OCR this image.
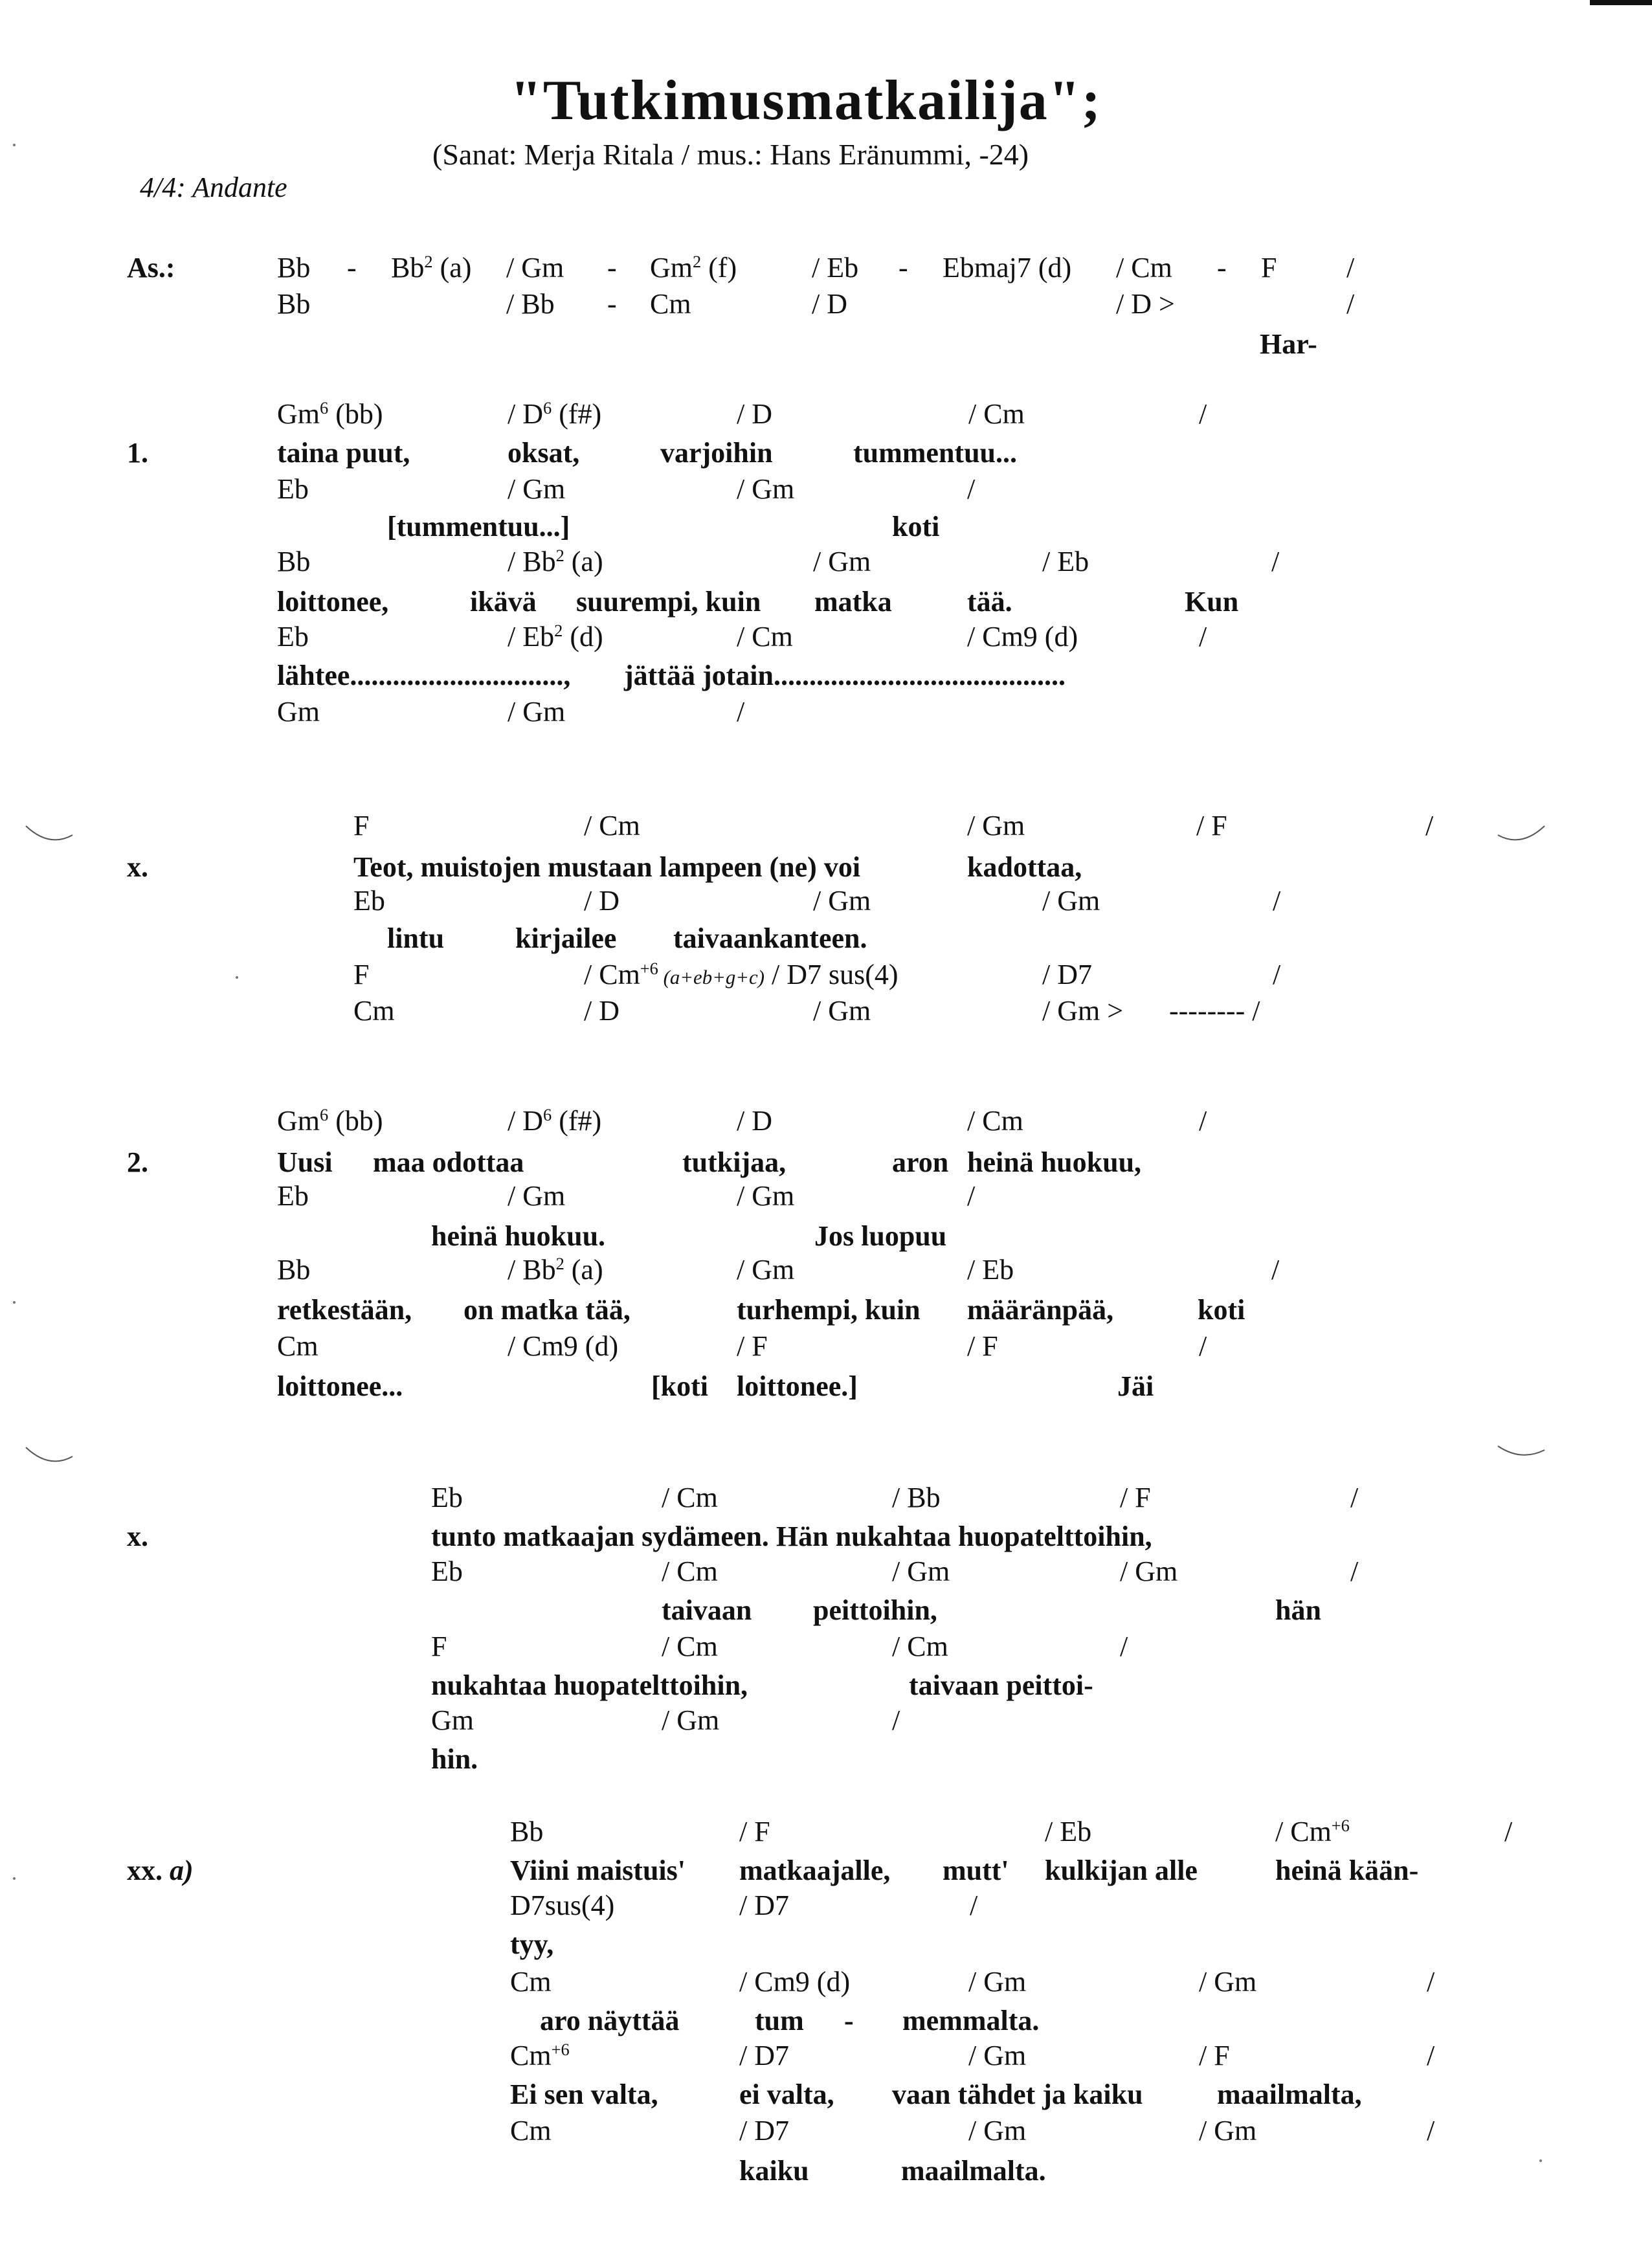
"Tutkimusmatkailija";
(Sanat: Merja Ritala / mus.: Hans Eränummi, -24)
4/4: Andante
As.:	Bb - Bb$^2$ (a) / Gm - Gm$^2$ (f)	/ Eb - Ebmaj7 (d) / Cm - F /
Bb	/ Bb - Cm	/ D	/ D >	/
Har-
1.
Gm$^6$ (bb)	/ $D^6$ (f#)	/ D	/ Cm	/
taina puut,	oksat,	varjoihin	tummentuu...
Eb	/ Gm	/ Gm	/
[tummentuu...]	koti
Bb	/ Bb$^2$ (a)	/ Gm	/ Eb	/
loittonee,	ikävä suurempi, kuin matka	tää.	Kun
Eb	/ Eb$^2$ (d)	/ Cm	/ Cm9 (d)	/
lähtee.............................., jättää jotain.........................................
Gm	/ Gm	/
x.
F	/ Cm	/ Gm	/ F	/
Teot, muistojen mustaan lampeen (ne) voi	kadottaa,
Eb	/ D	/ Gm	/ Gm	/
lintu kirjailee taivaankanteen.
F	/ $Cm^{+6}$ (a+eb+g+c) / D7 sus(4)	/ D7	/
Cm	/ D	/ Gm	/ Gm > -------- /
2.
Gm$^6$ (bb)	/ $D^6$ (f#)	/ D	/ Cm	/
Uusi maa odottaa	tutkijaa,	aron heinä huokuu,
Eb	/ Gm	/ Gm	/
heinä huokuu.	Jos luopuu
Bb	/ Bb$^2$ (a)	/ Gm	/ Eb	/
retkestään, on matka tää,	turhempi, kuin määränpää,	koti
Cm	/ Cm9 (d)	/ F	/ F	/
loittonee...	[koti loittonee.]	Jäi
x.
Eb	/ Cm	/ Bb	/ F	/
tunto matkaajan sydämeen. Hän nukahtaa huopatelttoihin,
Eb	/ Cm	/ Gm	/ Gm	/
taivaan peittoihin,	hän
F	/ Cm	/ Cm	/
nukahtaa huopatelttoihin,	taivaan peittoi-
Gm	/ Gm	/
hin.
xx. a)
Bb	/ F	/ Eb	/ $Cm^{+6}$	/
Viini maistuis' matkaajalle, mutt' kulkijan alle	heinä kään-
D7sus(4)	/ D7	/
tyy,
Cm	/ Cm9 (d)	/ Gm	/ Gm	/
aro näyttää	tum - memmalta.
$Cm^{+6}$	/ D7	/ Gm	/ F	/
Ei sen valta,	ei valta, vaan tähdet ja kaiku	maailmalta,
Cm	/ D7	/ Gm	/ Gm	/
kaiku	maailmalta.
